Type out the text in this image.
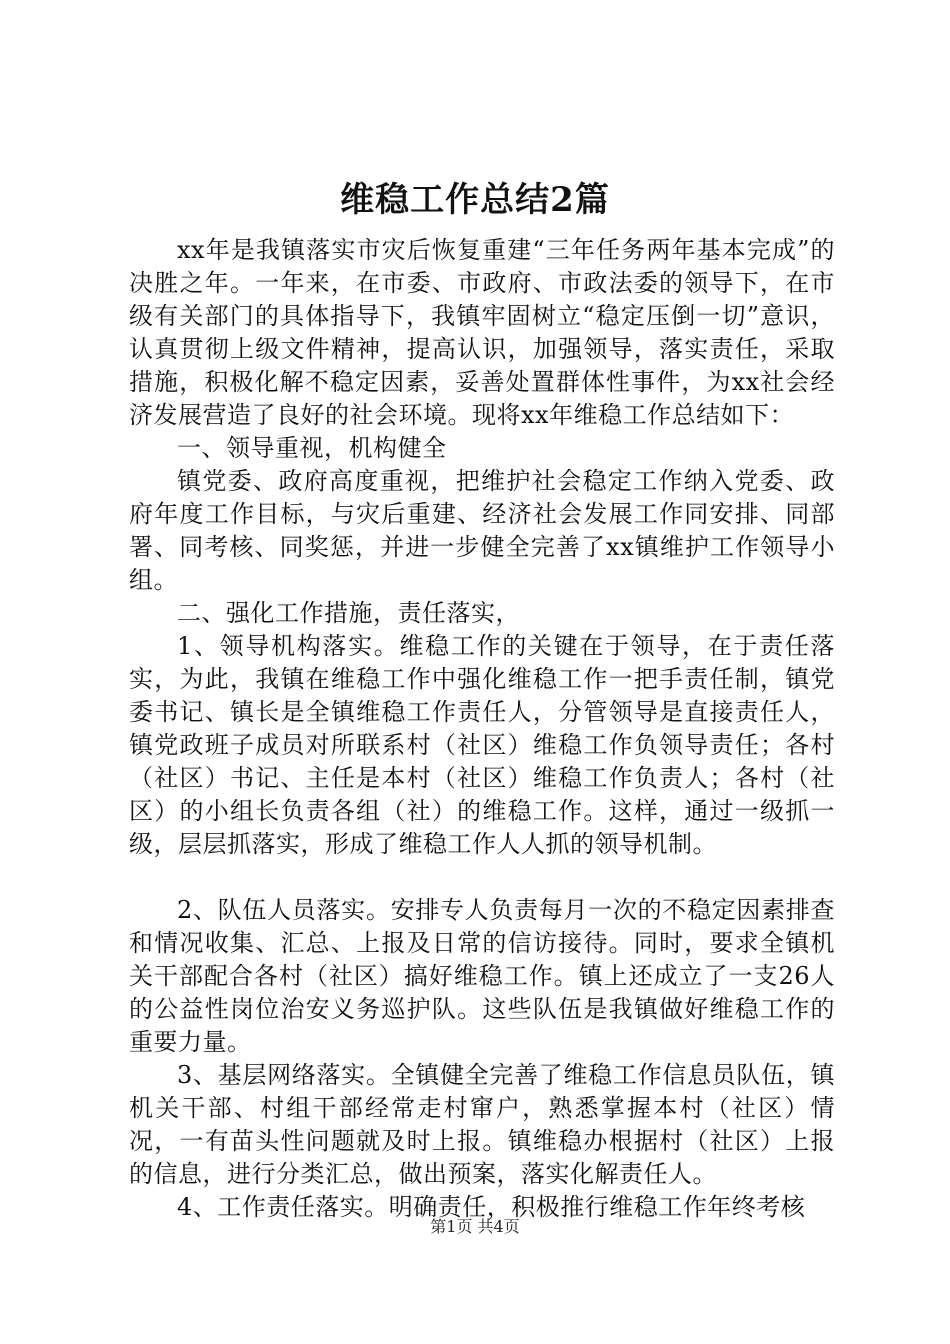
维稳工作总结2篇

xx年是我镇落实市灾后恢复重建“三年任务两年基本完成”的决胜之年。一年来，在市委、市政府、市政法委的领导下，在市级有关部门的具体指导下，我镇牢固树立“稳定压倒一切”意识，认真贯彻上级文件精神，提高认识，加强领导，落实责任，采取措施，积极化解不稳定因素，妥善处置群体性事件，为xx社会经济发展营造了良好的社会环境。现将xx年维稳工作总结如下：

一、领导重视，机构健全

镇党委、政府高度重视，把维护社会稳定工作纳入党委、政府年度工作目标，与灾后重建、经济社会发展工作同安排、同部署、同考核、同奖惩，并进一步健全完善了xx镇维护工作领导小组。

二、强化工作措施，责任落实，

1、领导机构落实。维稳工作的关键在于领导，在于责任落实，为此，我镇在维稳工作中强化维稳工作一把手责任制，镇党委书记、镇长是全镇维稳工作责任人，分管领导是直接责任人，镇党政班子成员对所联系村（社区）维稳工作负领导责任；各村（社区）书记、主任是本村（社区）维稳工作负责人；各村（社区）的小组长负责各组（社）的维稳工作。这样，通过一级抓一级，层层抓落实，形成了维稳工作人人抓的领导机制。

2、队伍人员落实。安排专人负责每月一次的不稳定因素排查和情况收集、汇总、上报及日常的信访接待。同时，要求全镇机关干部配合各村（社区）搞好维稳工作。镇上还成立了一支26人的公益性岗位治安义务巡护队。这些队伍是我镇做好维稳工作的重要力量。

3、基层网络落实。全镇健全完善了维稳工作信息员队伍，镇机关干部、村组干部经常走村窜户，熟悉掌握本村（社区）情况，一有苗头性问题就及时上报。镇维稳办根据村（社区）上报的信息，进行分类汇总，做出预案，落实化解责任人。

4、工作责任落实。明确责任，积极推行维稳工作年终考核

第1页 共4页
